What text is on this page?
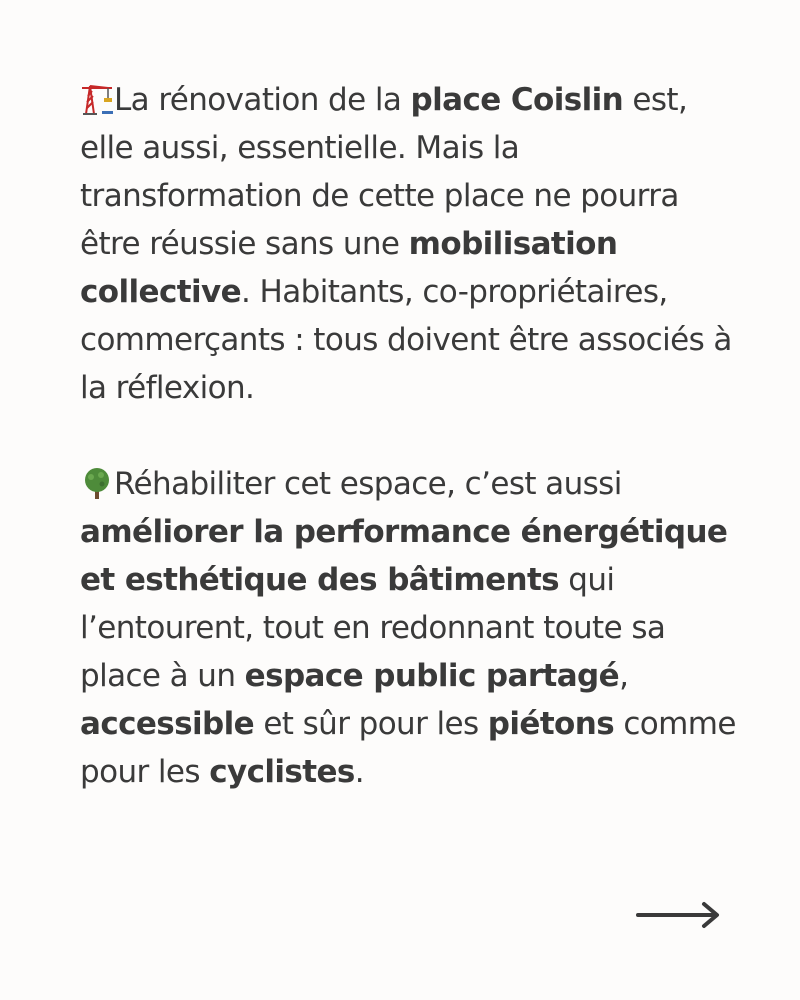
La rénovation de la place Coislin est, elle aussi, essentielle. Mais la transformation de cette place ne pourra être réussie sans une mobilisation collective. Habitants, co-propriétaires, commerçants : tous doivent être associés à la réflexion.

Réhabiliter cet espace, c’est aussi améliorer la performance énergétique et esthétique des bâtiments qui l’entourent, tout en redonnant toute sa place à un espace public partagé, accessible et sûr pour les piétons comme pour les cyclistes.
